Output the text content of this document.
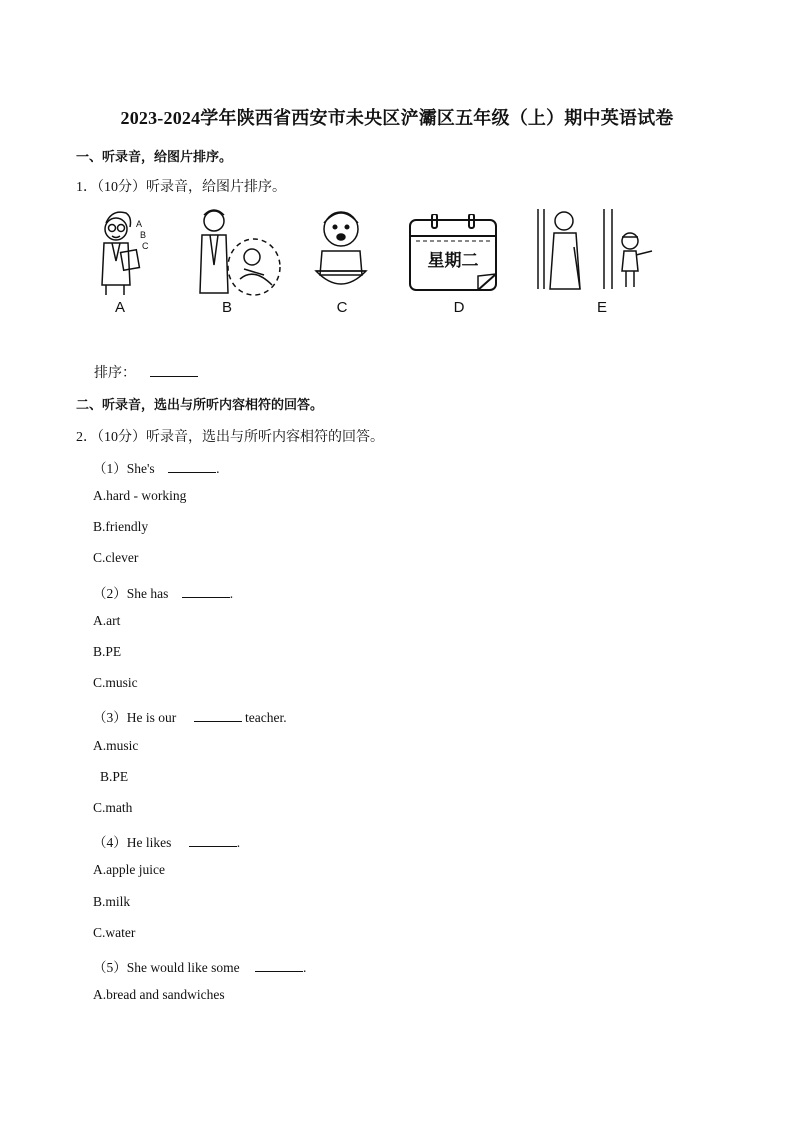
2023-2024学年陕西省西安市未央区浐灞区五年级（上）期中英语试卷
一、听录音，给图片排序。
1．（10分）听录音，给图片排序。
A
B
C
A	B	C
星期二
D	E
排序：
二、听录音，选出与所听内容相符的回答。
2．（10分）听录音，选出与所听内容相符的回答。
（1）She's	.
A.hard - working
B.friendly
C.clever
（2）She has	.
A.art
B.PE
C.music
（3）He is our	teacher.
A.music
B.PE
C.math
（4）He likes	.
A.apple juice
B.milk
C.water
（5）She would like some	.
A.bread and sandwiches
